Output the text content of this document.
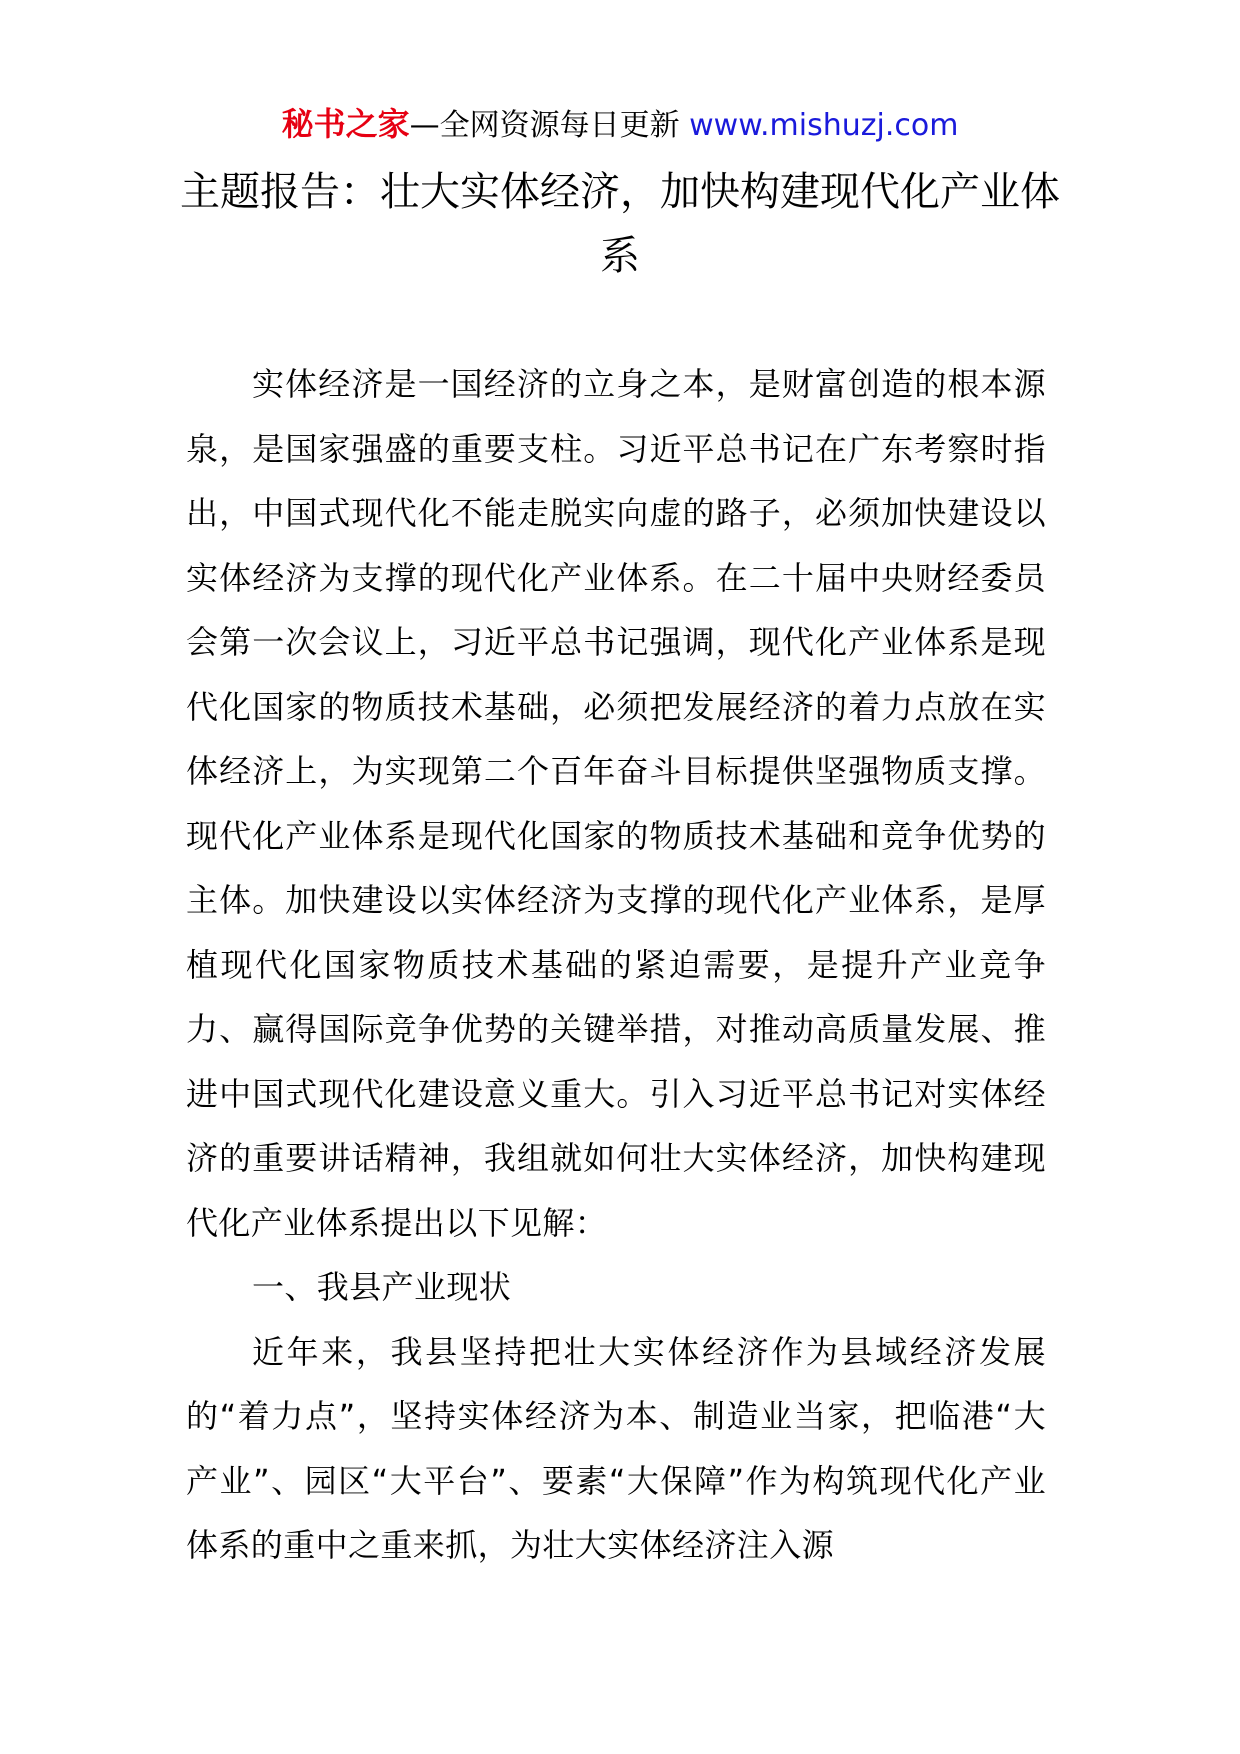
秘书之家—全网资源每日更新 www.mishuzj.com
主题报告：壮大实体经济，加快构建现代化产业体系

实体经济是一国经济的立身之本，是财富创造的根本源泉，是国家强盛的重要支柱。习近平总书记在广东考察时指出，中国式现代化不能走脱实向虚的路子，必须加快建设以实体经济为支撑的现代化产业体系。在二十届中央财经委员会第一次会议上，习近平总书记强调，现代化产业体系是现代化国家的物质技术基础，必须把发展经济的着力点放在实体经济上，为实现第二个百年奋斗目标提供坚强物质支撑。现代化产业体系是现代化国家的物质技术基础和竞争优势的主体。加快建设以实体经济为支撑的现代化产业体系，是厚植现代化国家物质技术基础的紧迫需要，是提升产业竞争力、赢得国际竞争优势的关键举措，对推动高质量发展、推进中国式现代化建设意义重大。引入习近平总书记对实体经济的重要讲话精神，我组就如何壮大实体经济，加快构建现代化产业体系提出以下见解：

一、我县产业现状

近年来，我县坚持把壮大实体经济作为县域经济发展的“着力点”，坚持实体经济为本、制造业当家，把临港“大产业”、园区“大平台”、要素“大保障”作为构筑现代化产业体系的重中之重来抓，为壮大实体经济注入源
